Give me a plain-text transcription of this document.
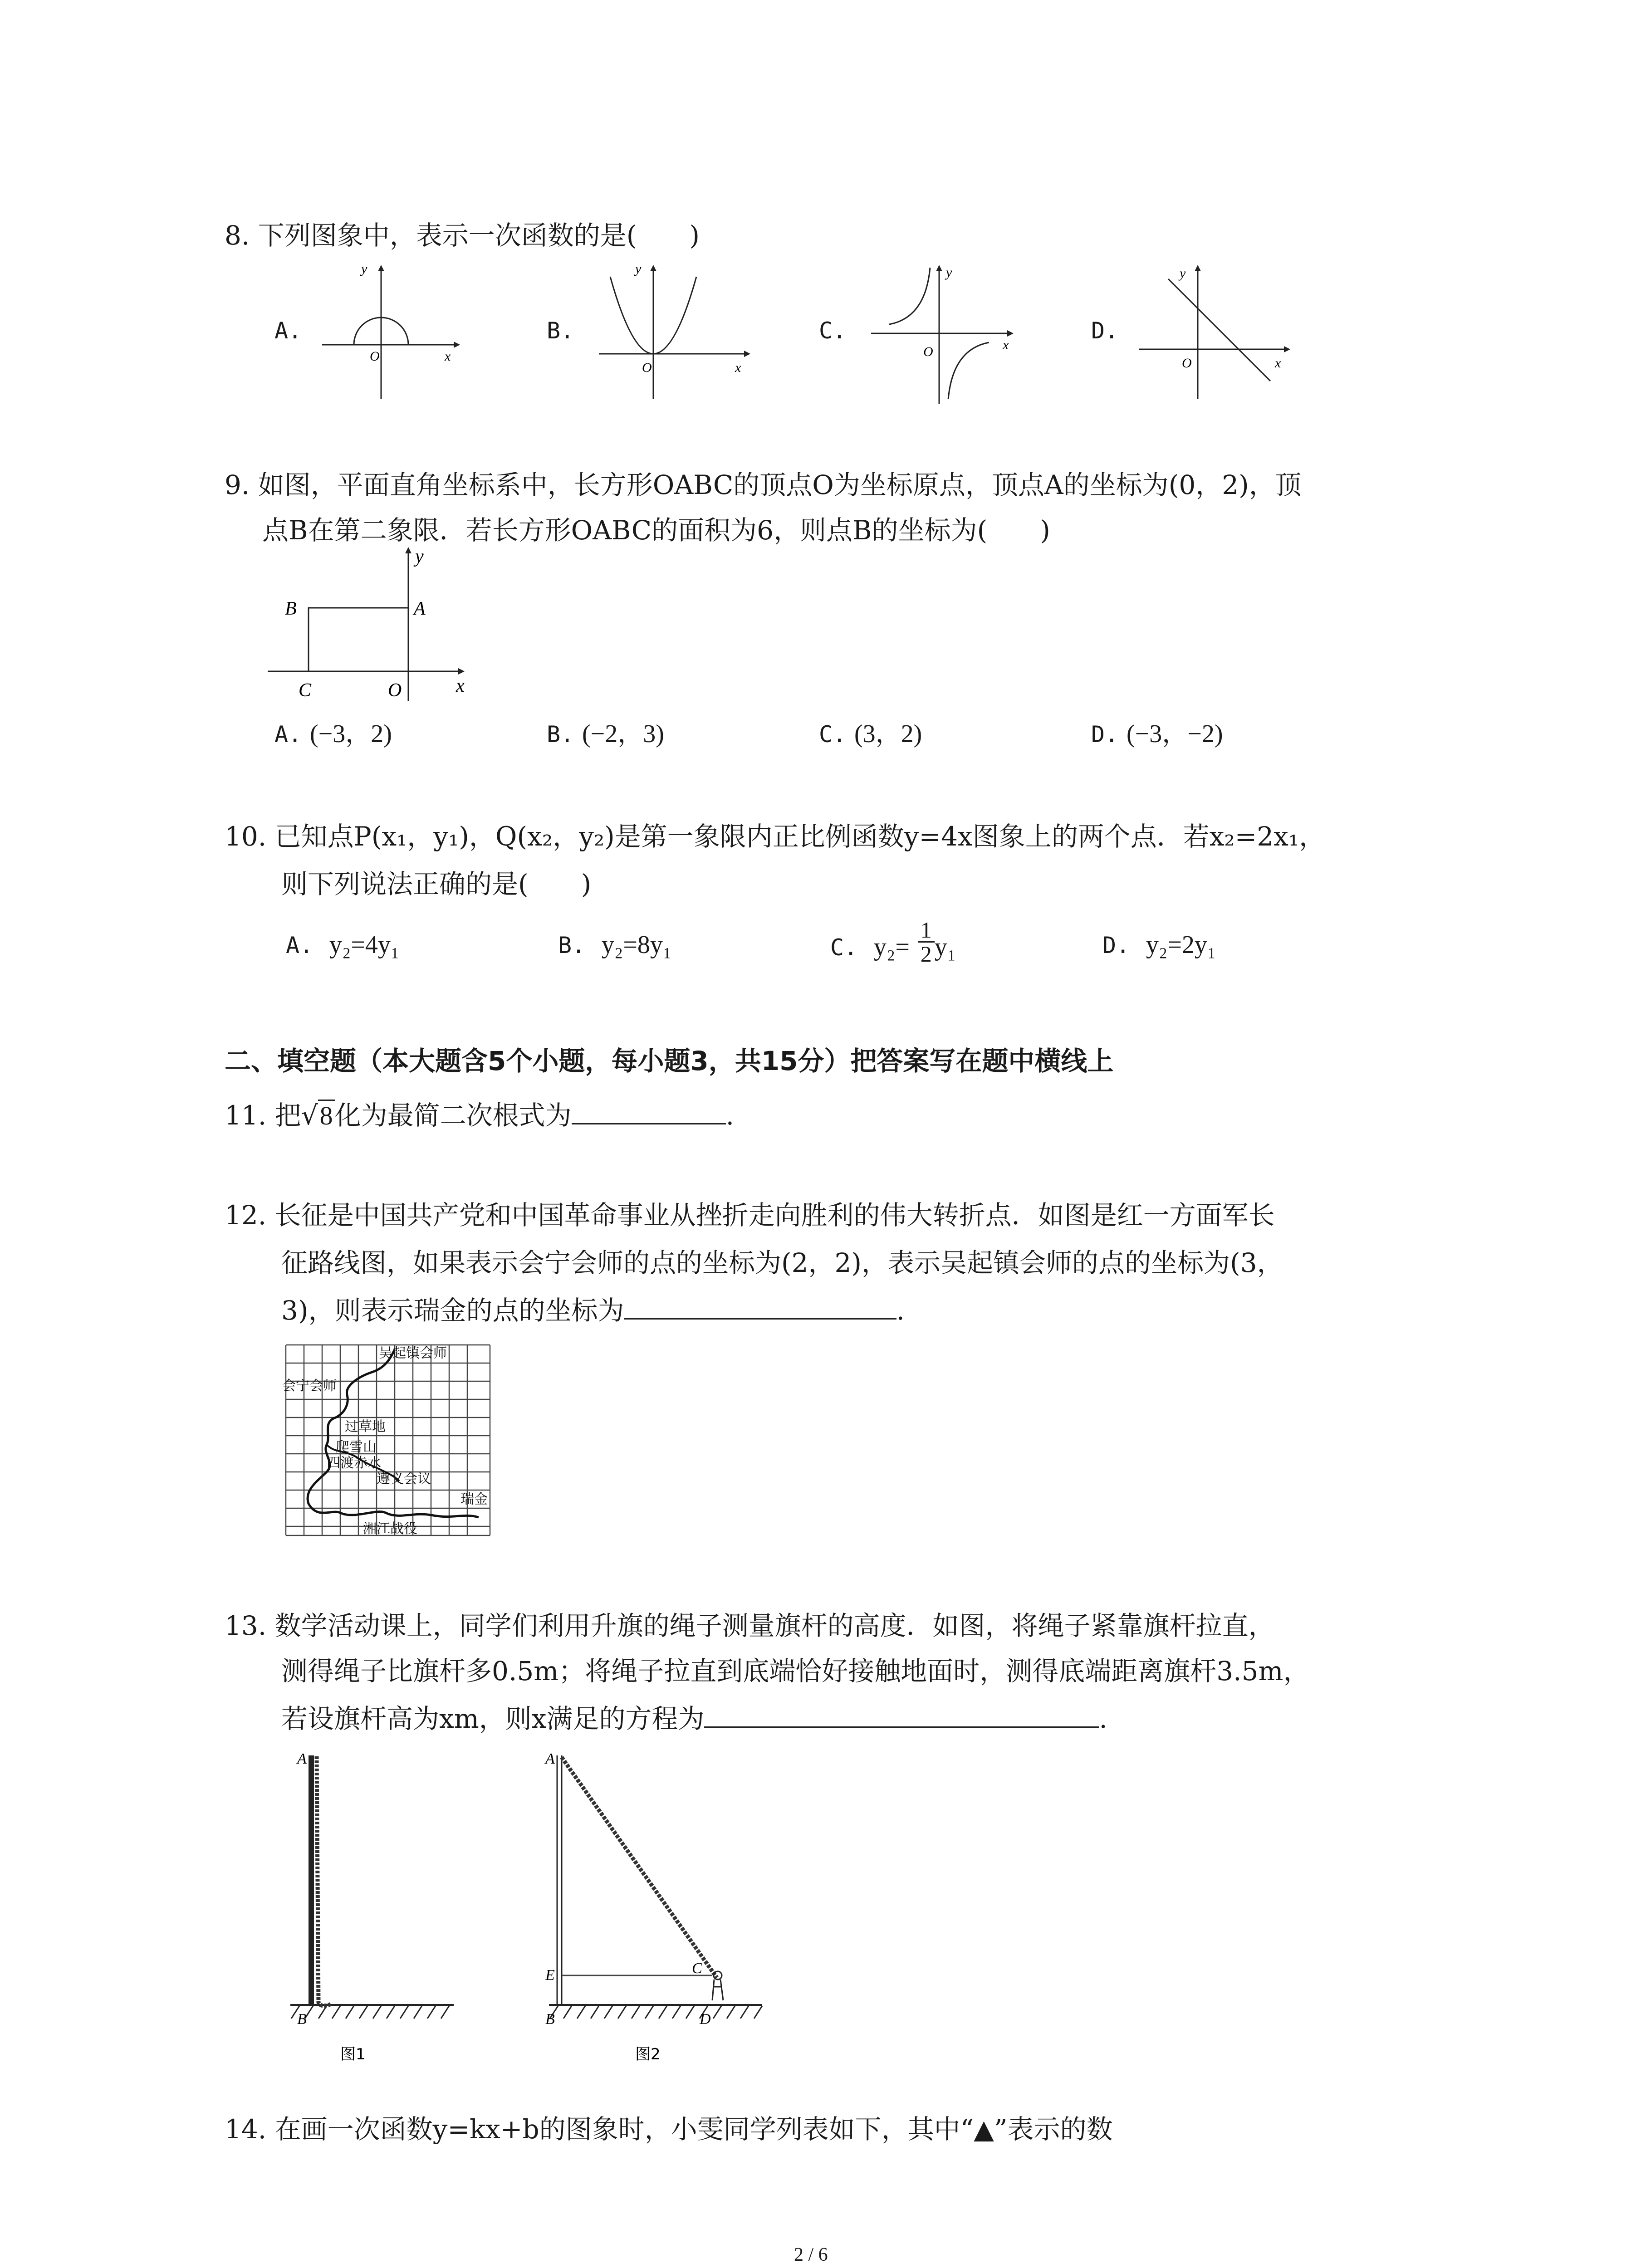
8. 下列图象中，表示一次函数的是(　　)
A.
O	x
y
B.
O	x
y
C.
O	x
y
D.
O	x
y
9. 如图，平面直角坐标系中，长方形OABC的顶点O为坐标原点，顶点A的坐标为(0，2)，顶
点B在第二象限．若长方形OABC的面积为6，则点B的坐标为(　　)
B	A
C	O	x
y
A. (−3，2)	B. (−2，3)	C. (3，2)	D. (−3，−2)
10. 已知点P(x₁，y₁)，Q(x₂，y₂)是第一象限内正比例函数y=4x图象上的两个点．若x₂=2x₁，
则下列说法正确的是(　　)
A. y₂=4y₁	B. y₂=8y₁	C. $y_2= \frac{1}{2} y_1$	D. y₂=2y₁
二、填空题（本大题含5个小题，每小题3，共15分）把答案写在题中横线上
11. 把√8化为最简二次根式为	.
12. 长征是中国共产党和中国革命事业从挫折走向胜利的伟大转折点．如图是红一方面军长
征路线图，如果表示会宁会师的点的坐标为(2，2)，表示吴起镇会师的点的坐标为(3，
3)，则表示瑞金的点的坐标为	.
吴起镇会师
会宁会师
过草地
爬雪山
四渡赤水
遵义会议
瑞金
湘江战役
13. 数学活动课上，同学们利用升旗的绳子测量旗杆的高度．如图，将绳子紧靠旗杆拉直，
测得绳子比旗杆多0.5m；将绳子拉直到底端恰好接触地面时，测得底端距离旗杆3.5m，
若设旗杆高为xm，则x满足的方程为	.
A
B
图1
A
E
B
C
D
图2
14. 在画一次函数y=kx+b的图象时，小雯同学列表如下，其中“▲”表示的数
2 / 6
